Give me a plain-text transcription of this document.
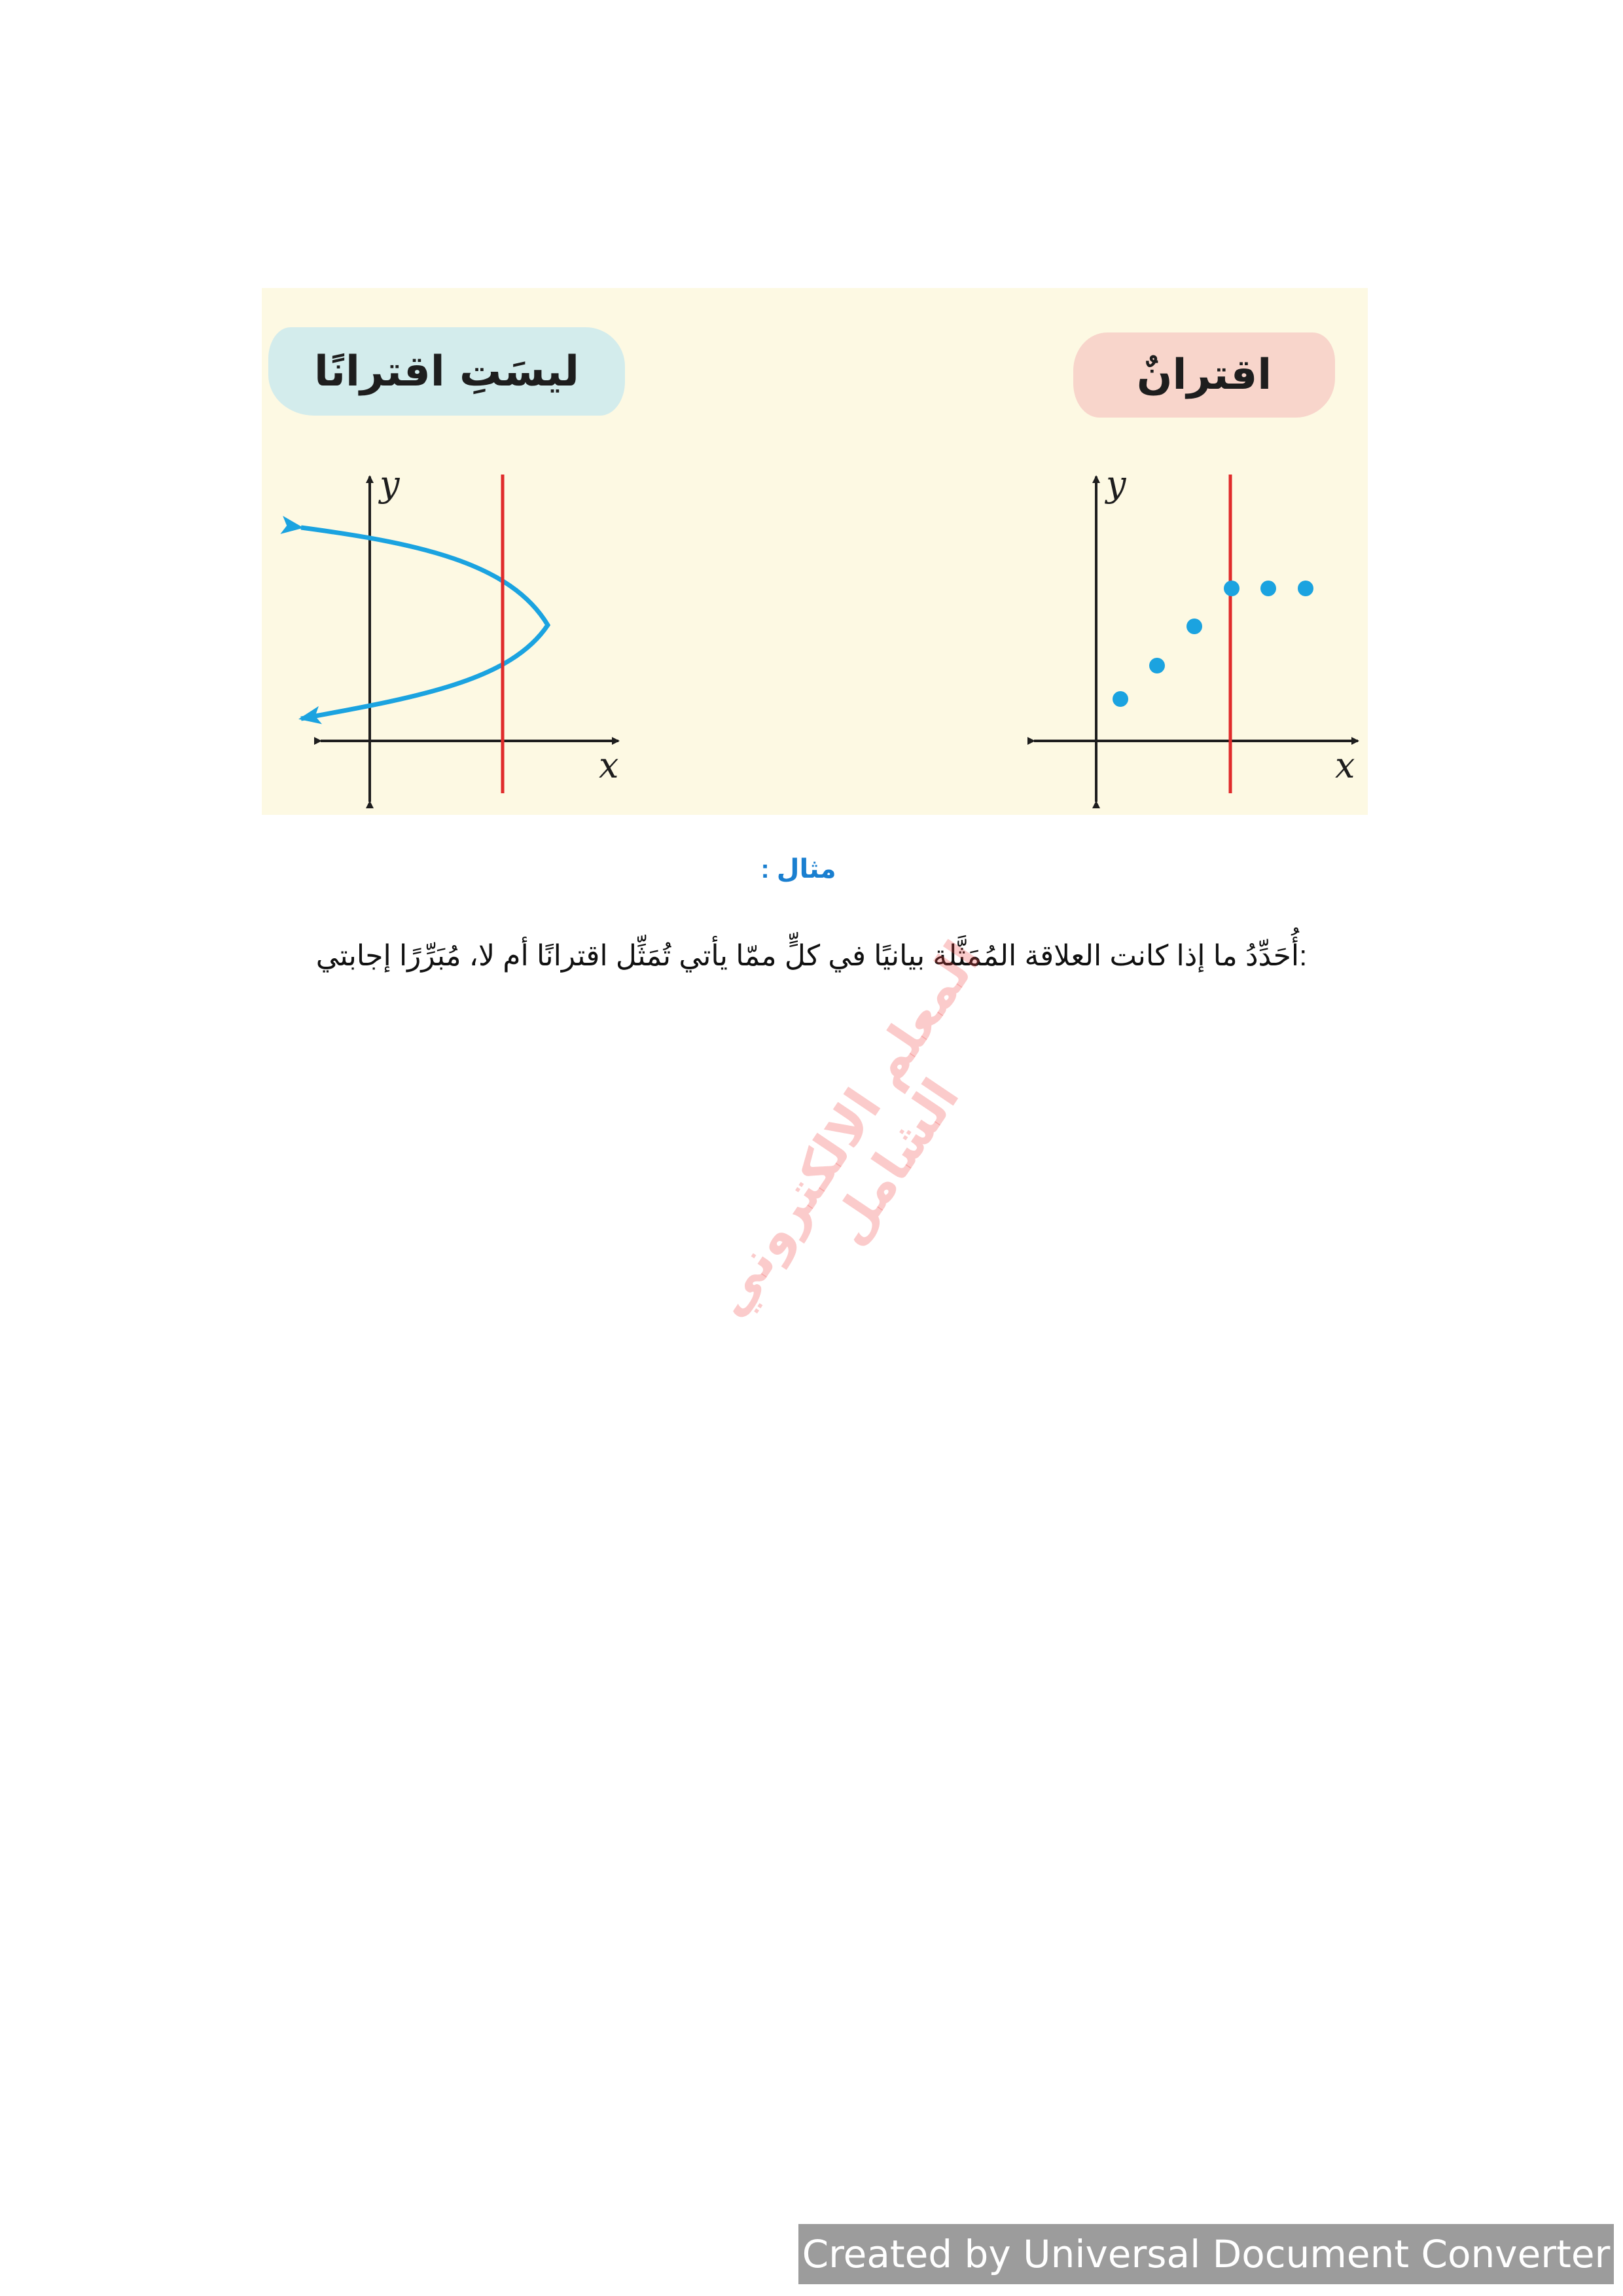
y
x
y
x
ليسَتِ اقترانًا	اقترانٌ
مثال :
:أُحَدِّدُ ما إذا كانت العلاقة المُمَثَّلة بيانيًا في كلٍّ ممّا يأتي تُمَثِّل اقترانًا أم لا، مُبَرِّرًا إجابتي
المعلم الالكتروني الشامل
Created by Universal Document Converter
